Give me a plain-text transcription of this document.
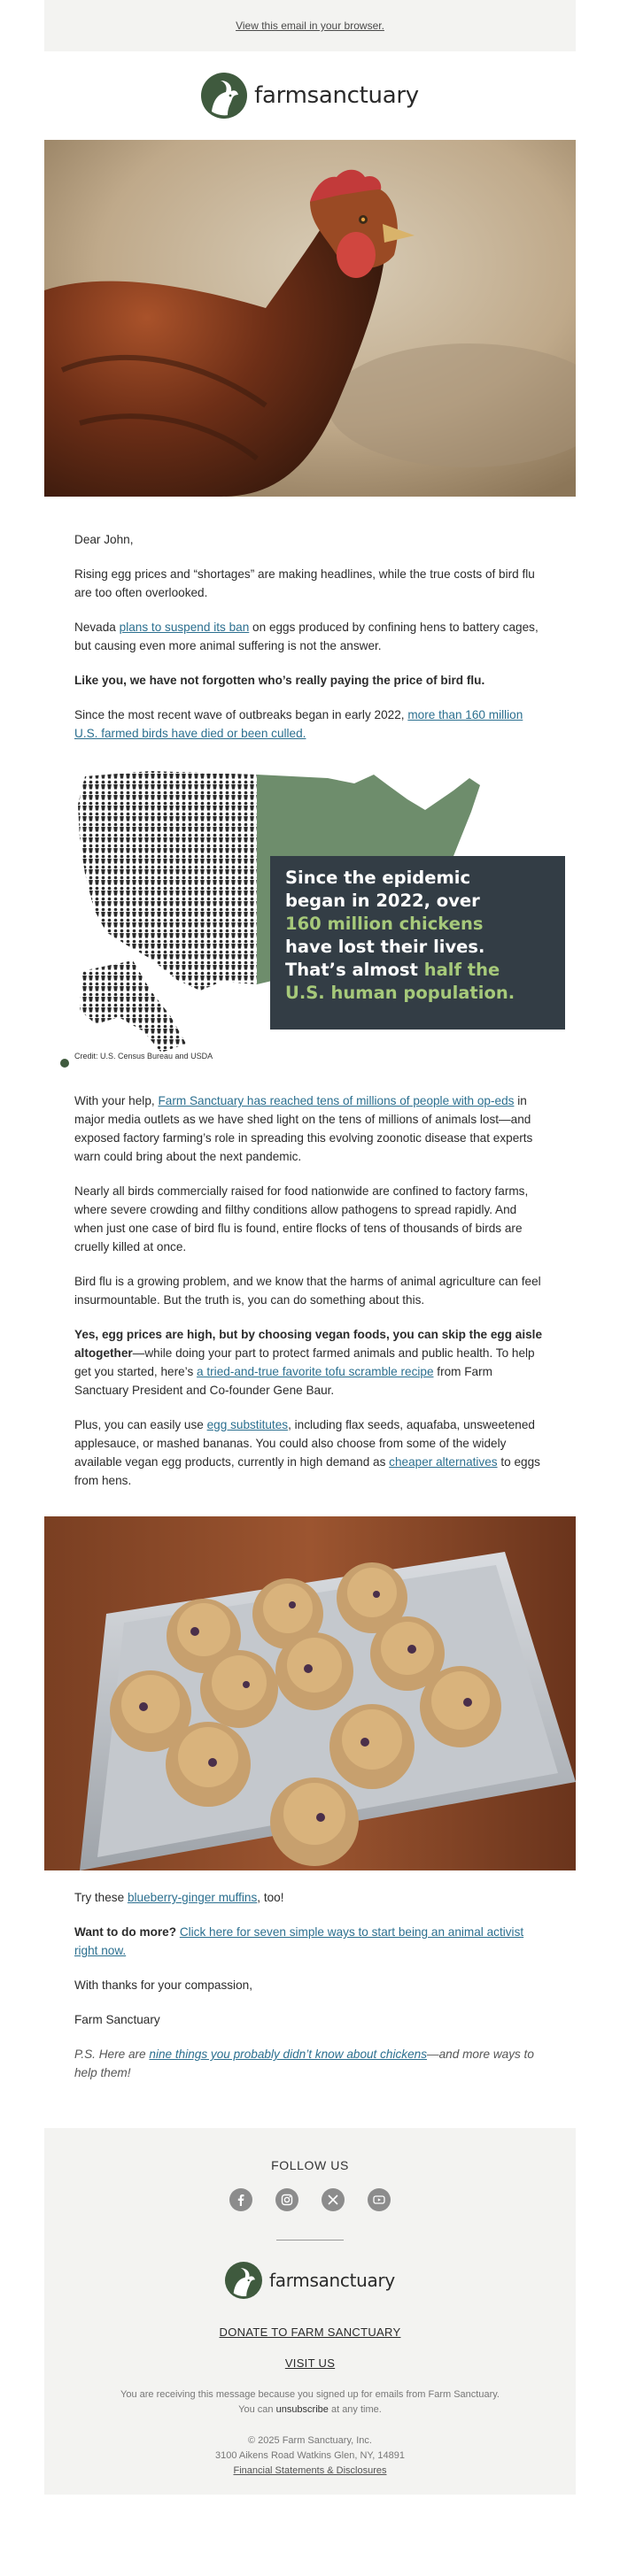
View this email in your browser.
farmsanctuary

Dear John,

Rising egg prices and “shortages” are making headlines, while the true costs of bird flu are too often overlooked.

Nevada plans to suspend its ban on eggs produced by confining hens to battery cages, but causing even more animal suffering is not the answer.

Like you, we have not forgotten who’s really paying the price of bird flu.

Since the most recent wave of outbreaks began in early 2022, more than 160 million U.S. farmed birds have died or been culled.

Since the epidemic
began in 2022, over
160 million chickens
have lost their lives.
That’s almost half the
U.S. human population.
Credit: U.S. Census Bureau and USDA

With your help, Farm Sanctuary has reached tens of millions of people with op-eds in major media outlets as we have shed light on the tens of millions of animals lost—and exposed factory farming’s role in spreading this evolving zoonotic disease that experts warn could bring about the next pandemic.

Nearly all birds commercially raised for food nationwide are confined to factory farms, where severe crowding and filthy conditions allow pathogens to spread rapidly. And when just one case of bird flu is found, entire flocks of tens of thousands of birds are cruelly killed at once.

Bird flu is a growing problem, and we know that the harms of animal agriculture can feel insurmountable. But the truth is, you can do something about this.

Yes, egg prices are high, but by choosing vegan foods, you can skip the egg aisle altogether—while doing your part to protect farmed animals and public health. To help get you started, here’s a tried-and-true favorite tofu scramble recipe from Farm Sanctuary President and Co-founder Gene Baur.

Plus, you can easily use egg substitutes, including flax seeds, aquafaba, unsweetened applesauce, or mashed bananas. You could also choose from some of the widely available vegan egg products, currently in high demand as cheaper alternatives to eggs from hens.

Try these blueberry-ginger muffins, too!

Want to do more? Click here for seven simple ways to start being an animal activist right now.

With thanks for your compassion,

Farm Sanctuary

P.S. Here are nine things you probably didn’t know about chickens—and more ways to help them!

FOLLOW US
farmsanctuary
DONATE TO FARM SANCTUARY
VISIT US
You are receiving this message because you signed up for emails from Farm Sanctuary.
You can unsubscribe at any time.
© 2025 Farm Sanctuary, Inc.
3100 Aikens Road Watkins Glen, NY, 14891
Financial Statements & Disclosures
